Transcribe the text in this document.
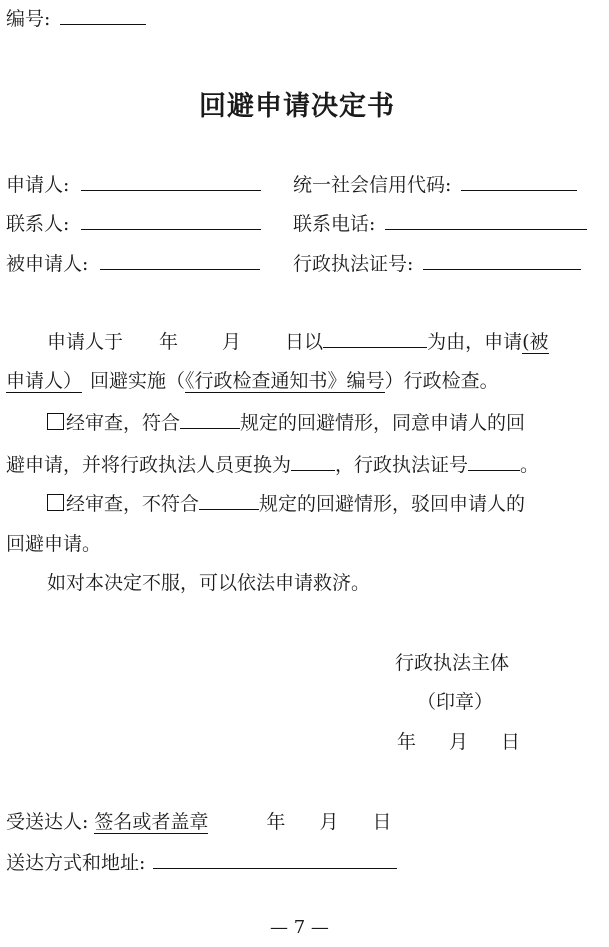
编号:
回避申请决定书
申请人:	统一社会信用代码:
联系人:	联系电话:
被申请人:	行政执法证号:
申请人于 年 月 日以	为由，申请(被
申请人） 回避实施（《行政检查通知书》编号）行政检查。
经审查，符合	规定的回避情形，同意申请人的回
避申请，并将行政执法人员更换为 ，行政执法证号	。
经审查，不符合	规定的回避情形，驳回申请人的
回避申请。
如对本决定不服，可以依法申请救济。
行政执法主体
（印章）
年 月 日
受送达人: 签名或者盖章	年 月 日
送达方式和地址:
— 7 —
